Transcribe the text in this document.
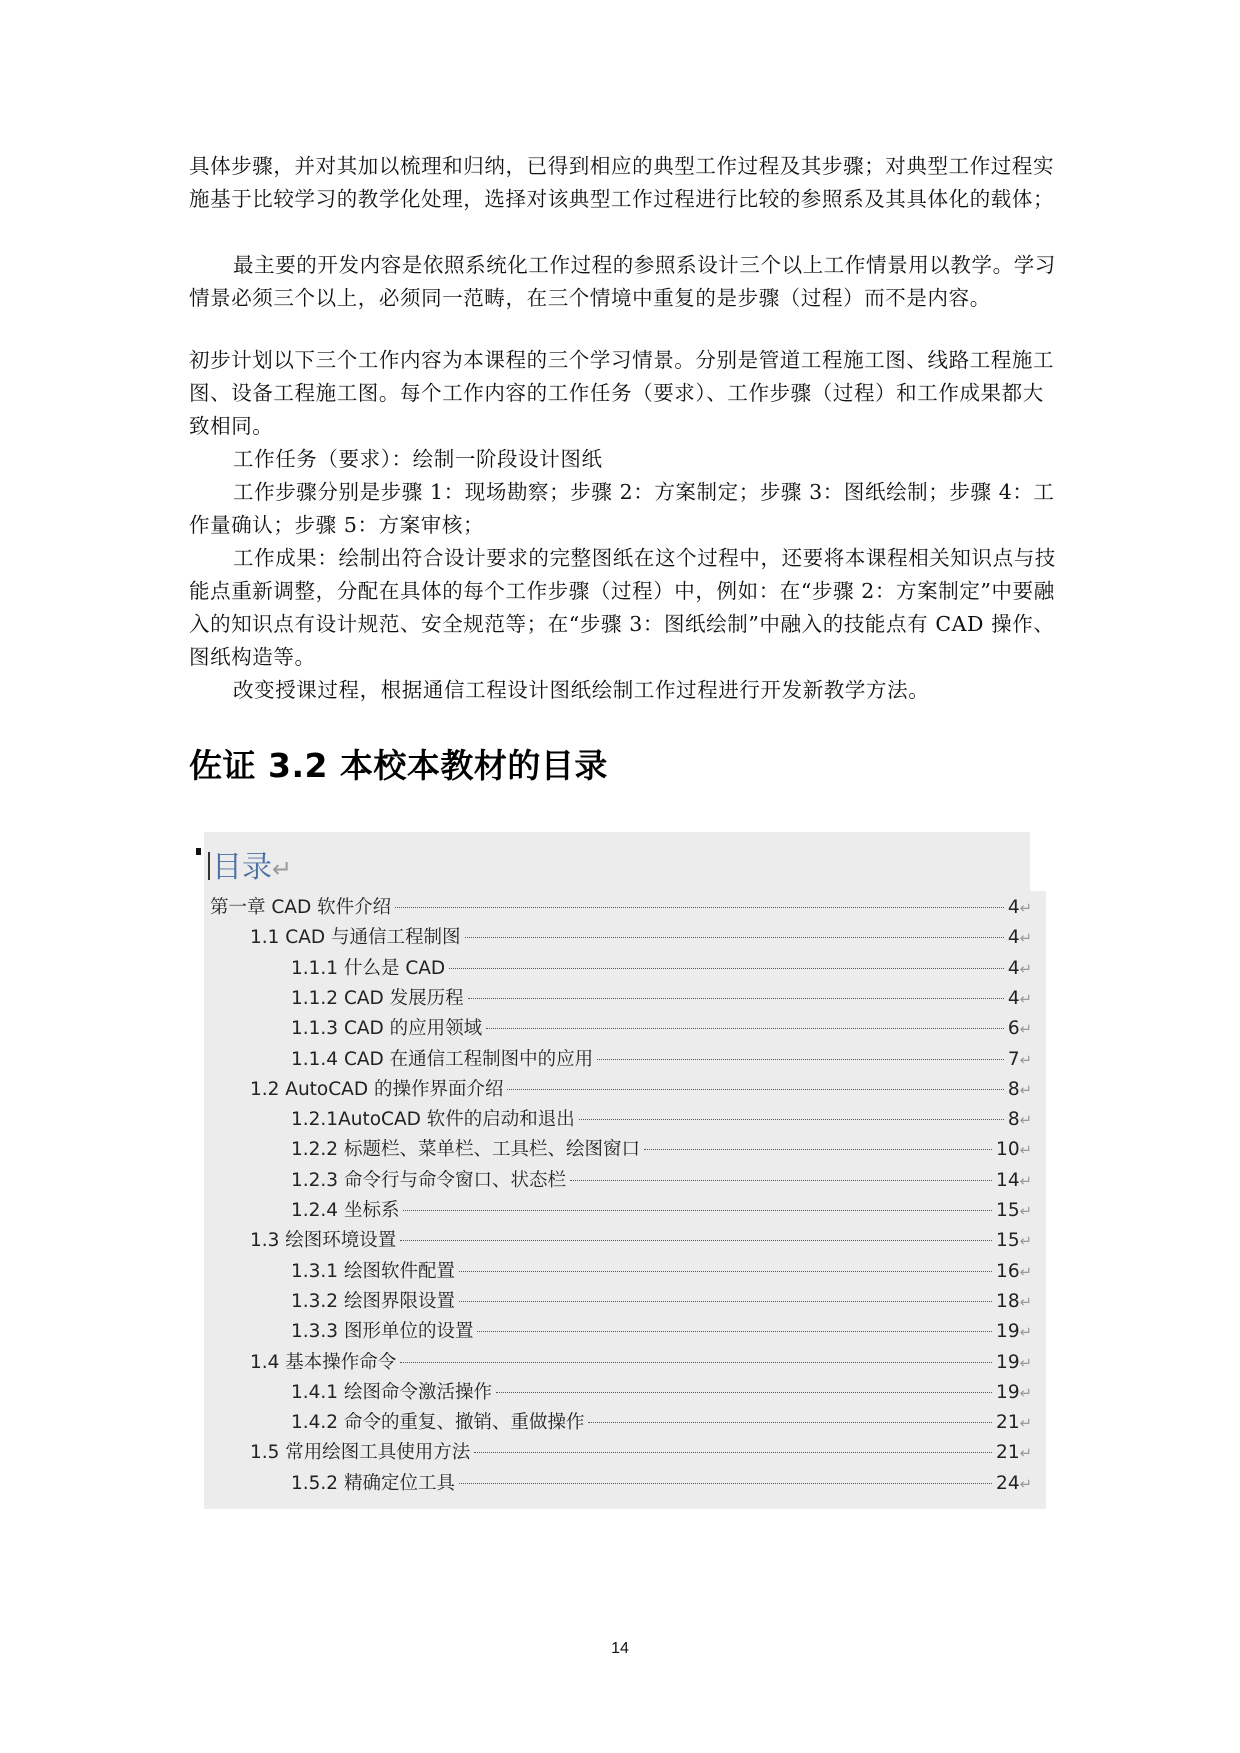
具体步骤，并对其加以梳理和归纳，已得到相应的典型工作过程及其步骤；对典型工作过程实施基于比较学习的教学化处理，选择对该典型工作过程进行比较的参照系及其具体化的载体；

最主要的开发内容是依照系统化工作过程的参照系设计三个以上工作情景用以教学。学习情景必须三个以上，必须同一范畴，在三个情境中重复的是步骤（过程）而不是内容。

初步计划以下三个工作内容为本课程的三个学习情景。分别是管道工程施工图、线路工程施工图、设备工程施工图。每个工作内容的工作任务（要求）、工作步骤（过程）和工作成果都大致相同。

工作任务（要求）：绘制一阶段设计图纸

工作步骤分别是步骤 1：现场勘察；步骤 2：方案制定；步骤 3：图纸绘制；步骤 4：工作量确认；步骤 5：方案审核；

工作成果：绘制出符合设计要求的完整图纸在这个过程中，还要将本课程相关知识点与技能点重新调整，分配在具体的每个工作步骤（过程）中，例如：在“步骤 2：方案制定”中要融入的知识点有设计规范、安全规范等；在“步骤 3：图纸绘制”中融入的技能点有 CAD 操作、图纸构造等。

改变授课过程，根据通信工程设计图纸绘制工作过程进行开发新教学方法。

佐证 3.2 本校本教材的目录
目录↵
第一章 CAD 软件介绍	4↵
1.1 CAD 与通信工程制图	4↵
1.1.1 什么是 CAD	4↵
1.1.2 CAD 发展历程	4↵
1.1.3 CAD 的应用领域	6↵
1.1.4 CAD 在通信工程制图中的应用	7↵
1.2 AutoCAD 的操作界面介绍	8↵
1.2.1AutoCAD 软件的启动和退出	8↵
1.2.2 标题栏、菜单栏、工具栏、绘图窗口	10↵
1.2.3 命令行与命令窗口、状态栏	14↵
1.2.4 坐标系	15↵
1.3 绘图环境设置	15↵
1.3.1 绘图软件配置	16↵
1.3.2 绘图界限设置	18↵
1.3.3 图形单位的设置	19↵
1.4 基本操作命令	19↵
1.4.1 绘图命令激活操作	19↵
1.4.2 命令的重复、撤销、重做操作	21↵
1.5 常用绘图工具使用方法	21↵
1.5.2 精确定位工具	24↵
14
